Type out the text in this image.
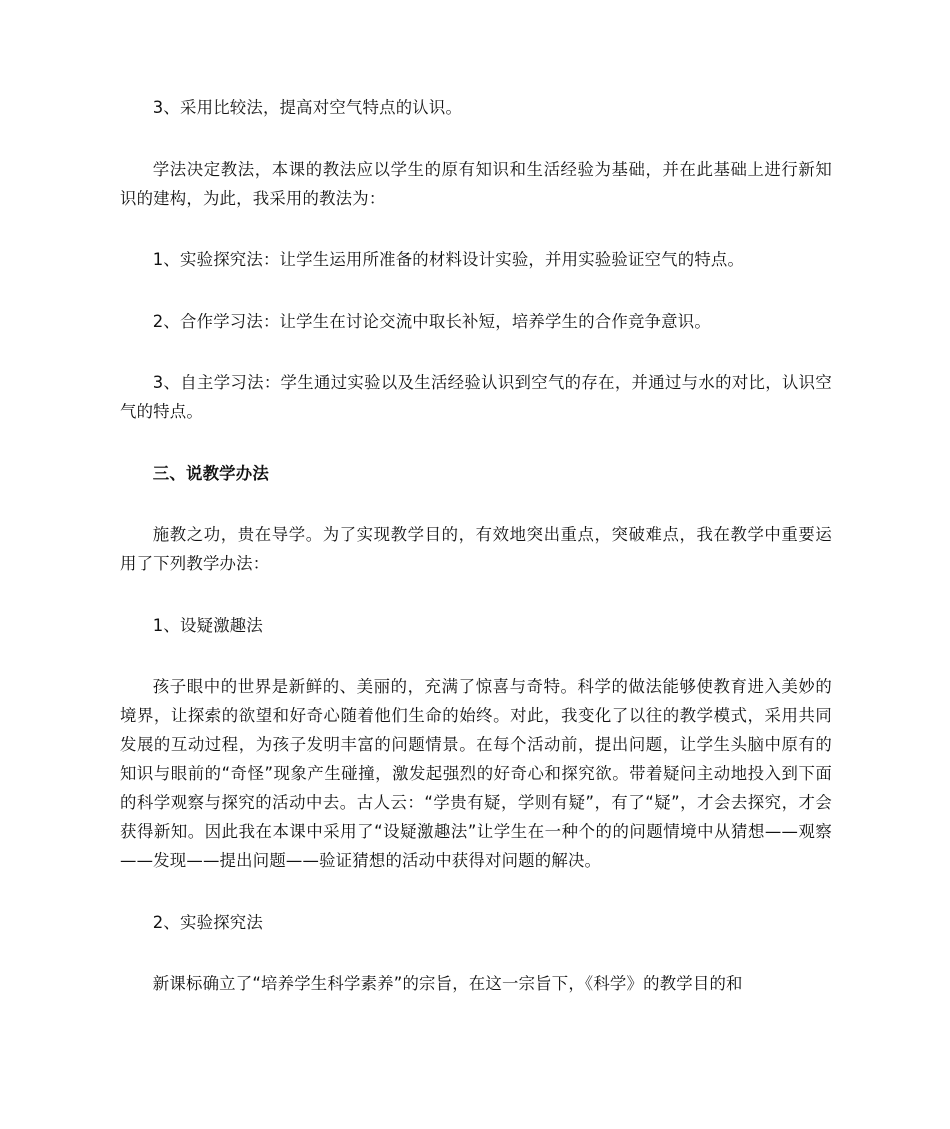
3、采用比较法，提高对空气特点的认识。

学法决定教法，本课的教法应以学生的原有知识和生活经验为基础，并在此基础上进行新知识的建构，为此，我采用的教法为：

1、实验探究法：让学生运用所准备的材料设计实验，并用实验验证空气的特点。

2、合作学习法：让学生在讨论交流中取长补短，培养学生的合作竞争意识。

3、自主学习法：学生通过实验以及生活经验认识到空气的存在，并通过与水的对比，认识空气的特点。

三、说教学办法

施教之功，贵在导学。为了实现教学目的，有效地突出重点，突破难点，我在教学中重要运用了下列教学办法：

1、设疑激趣法

孩子眼中的世界是新鲜的、美丽的，充满了惊喜与奇特。科学的做法能够使教育进入美妙的境界，让探索的欲望和好奇心随着他们生命的始终。对此，我变化了以往的教学模式，采用共同发展的互动过程，为孩子发明丰富的问题情景。在每个活动前，提出问题，让学生头脑中原有的知识与眼前的“奇怪”现象产生碰撞，激发起强烈的好奇心和探究欲。带着疑问主动地投入到下面的科学观察与探究的活动中去。古人云：“学贵有疑，学则有疑”，有了“疑”，才会去探究，才会获得新知。因此我在本课中采用了“设疑激趣法”让学生在一种个的的问题情境中从猜想——观察——发现——提出问题——验证猜想的活动中获得对问题的解决。

2、实验探究法

新课标确立了“培养学生科学素养”的宗旨，在这一宗旨下，《科学》的教学目的和
